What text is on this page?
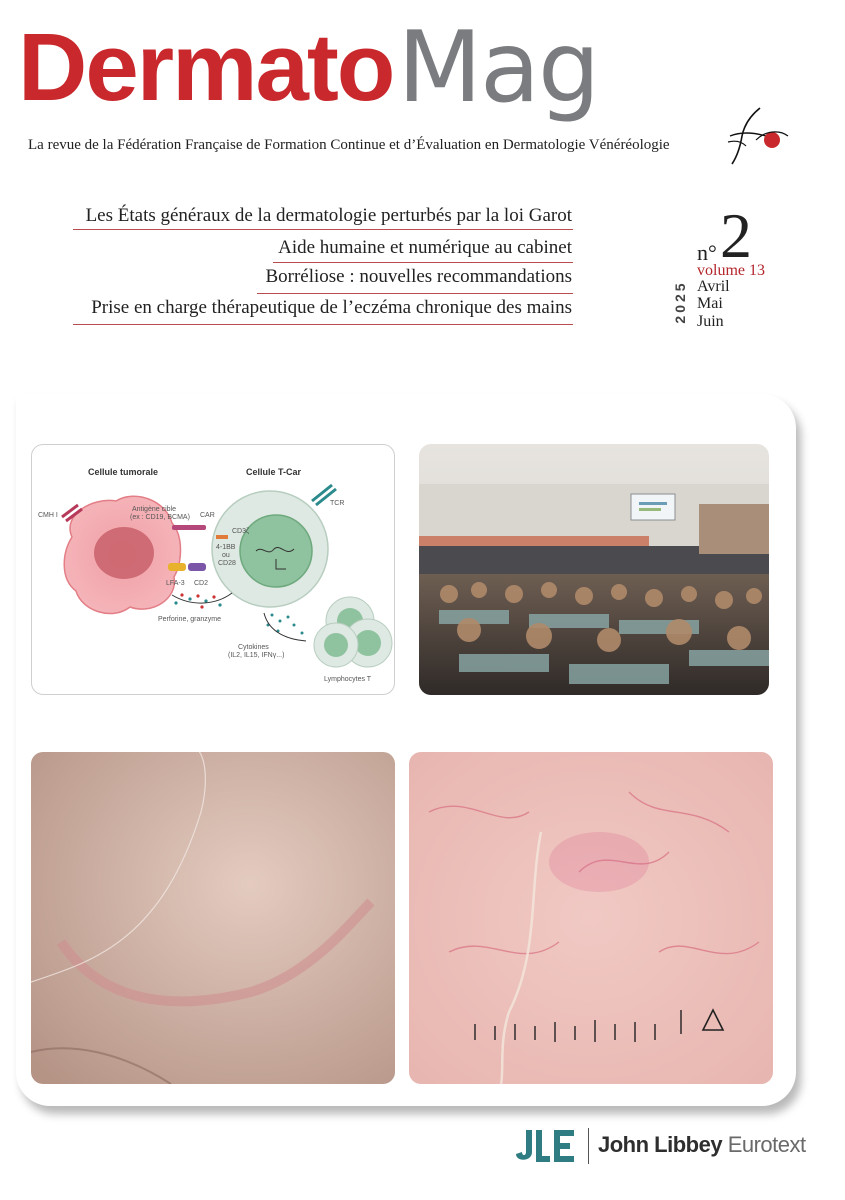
DermatoMag
La revue de la Fédération Française de Formation Continue et d’Évaluation en Dermatologie Vénéréologie
Les États généraux de la dermatologie perturbés par la loi Garot
Aide humaine et numérique au cabinet
Borréliose : nouvelles recommandations
Prise en charge thérapeutique de l’eczéma chronique des mains
n° 2
volume 13
Avril
Mai
Juin
2025
Cellule tumorale	Cellule T-Car
CMH I
Antigène cible
(ex : CD19, BCMA) CAR
CD3ζ
4-1BB
ou
CD28
TCR
LFA-3 CD2
Perforine, granzyme
Cytokines
(IL2, IL15, IFNγ...)
Lymphocytes T
John Libbey Eurotext
